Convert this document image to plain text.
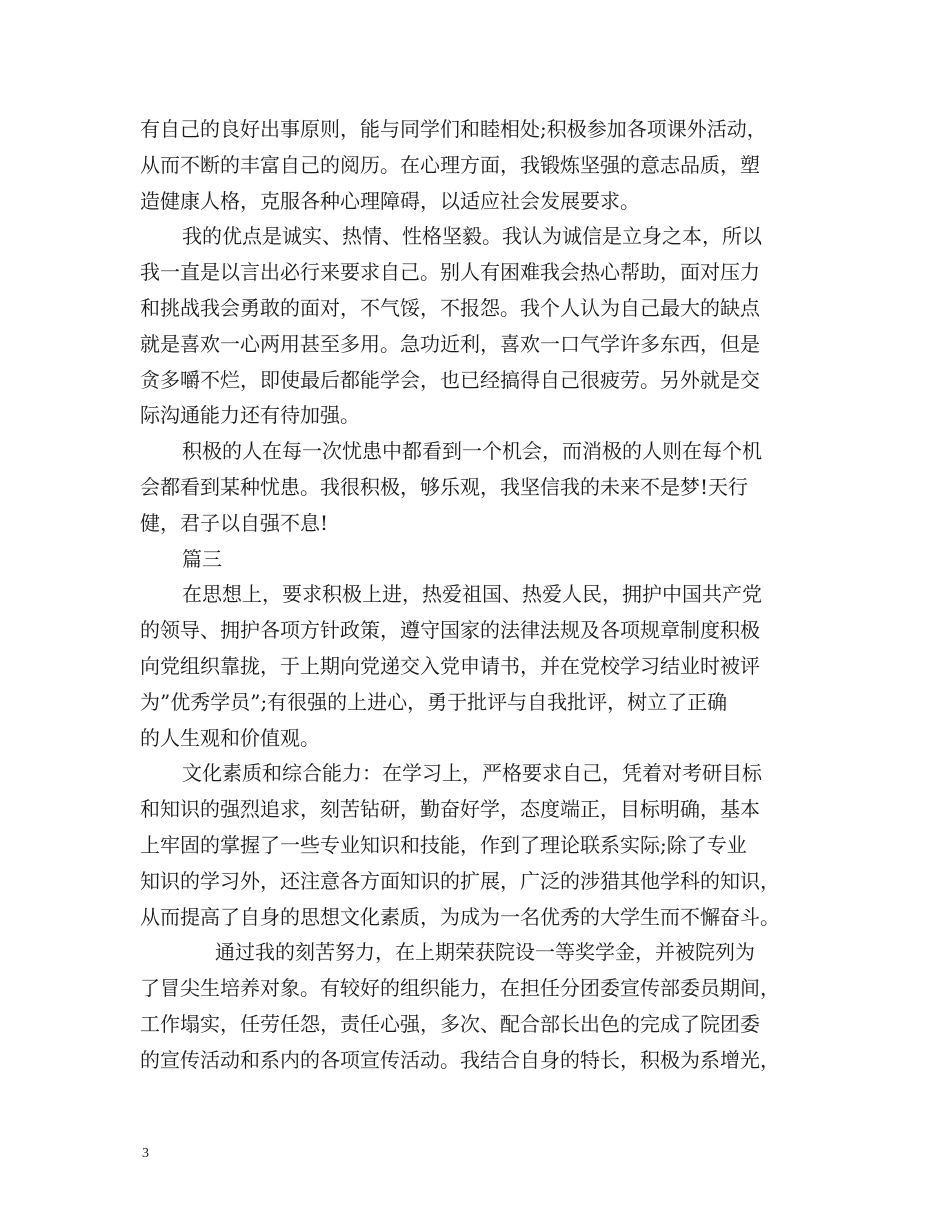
有自己的良好出事原则，能与同学们和睦相处;积极参加各项课外活动，
从而不断的丰富自己的阅历。在心理方面，我锻炼坚强的意志品质，塑
造健康人格，克服各种心理障碍，以适应社会发展要求。
我的优点是诚实、热情、性格坚毅。我认为诚信是立身之本，所以
我一直是以言出必行来要求自己。别人有困难我会热心帮助，面对压力
和挑战我会勇敢的面对，不气馁，不报怨。我个人认为自己最大的缺点
就是喜欢一心两用甚至多用。急功近利，喜欢一口气学许多东西，但是
贪多嚼不烂，即使最后都能学会，也已经搞得自己很疲劳。另外就是交
际沟通能力还有待加强。
积极的人在每一次忧患中都看到一个机会，而消极的人则在每个机
会都看到某种忧患。我很积极，够乐观，我坚信我的未来不是梦!天行
健，君子以自强不息!
篇三
在思想上，要求积极上进，热爱祖国、热爱人民，拥护中国共产党
的领导、拥护各项方针政策，遵守国家的法律法规及各项规章制度积极
向党组织靠拢，于上期向党递交入党申请书，并在党校学习结业时被评
为”优秀学员”;有很强的上进心，勇于批评与自我批评，树立了正确
的人生观和价值观。
文化素质和综合能力：在学习上，严格要求自己，凭着对考研目标
和知识的强烈追求，刻苦钻研，勤奋好学，态度端正，目标明确，基本
上牢固的掌握了一些专业知识和技能，作到了理论联系实际;除了专业
知识的学习外，还注意各方面知识的扩展，广泛的涉猎其他学科的知识，
从而提高了自身的思想文化素质，为成为一名优秀的大学生而不懈奋斗。
通过我的刻苦努力，在上期荣获院设一等奖学金，并被院列为
了冒尖生培养对象。有较好的组织能力，在担任分团委宣传部委员期间，
工作塌实，任劳任怨，责任心强，多次、配合部长出色的完成了院团委
的宣传活动和系内的各项宣传活动。我结合自身的特长，积极为系增光，
3
